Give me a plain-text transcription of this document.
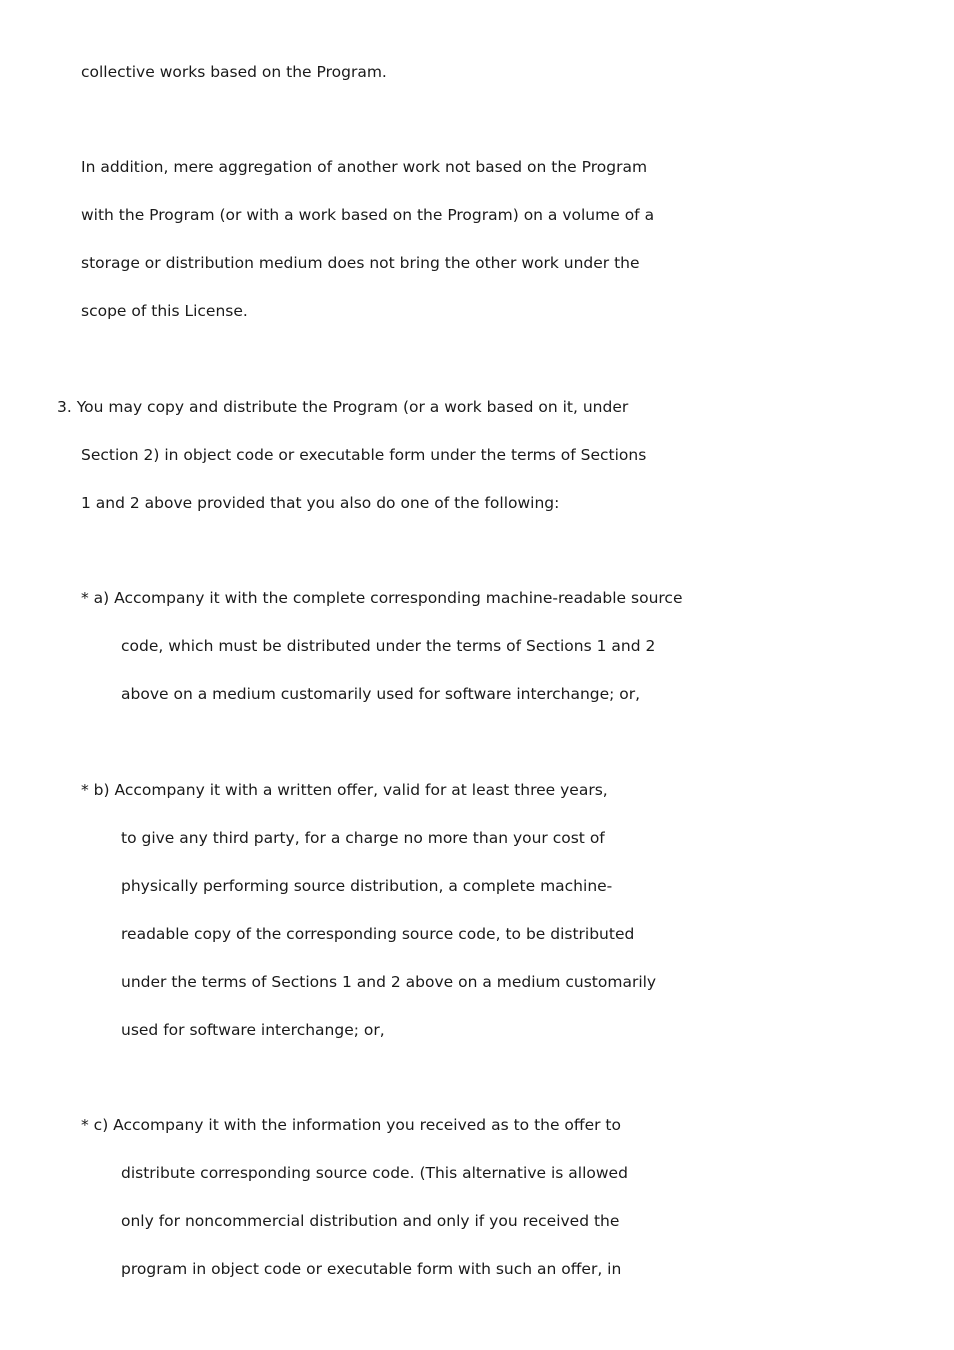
collective works based on the Program.
In addition, mere aggregation of another work not based on the Program
with the Program (or with a work based on the Program) on a volume of a
storage or distribution medium does not bring the other work under the
scope of this License.
3. You may copy and distribute the Program (or a work based on it, under
Section 2) in object code or executable form under the terms of Sections
1 and 2 above provided that you also do one of the following:
* a) Accompany it with the complete corresponding machine-readable source
code, which must be distributed under the terms of Sections 1 and 2
above on a medium customarily used for software interchange; or,
* b) Accompany it with a written offer, valid for at least three years,
to give any third party, for a charge no more than your cost of
physically performing source distribution, a complete machine-
readable copy of the corresponding source code, to be distributed
under the terms of Sections 1 and 2 above on a medium customarily
used for software interchange; or,
* c) Accompany it with the information you received as to the offer to
distribute corresponding source code. (This alternative is allowed
only for noncommercial distribution and only if you received the
program in object code or executable form with such an offer, in
